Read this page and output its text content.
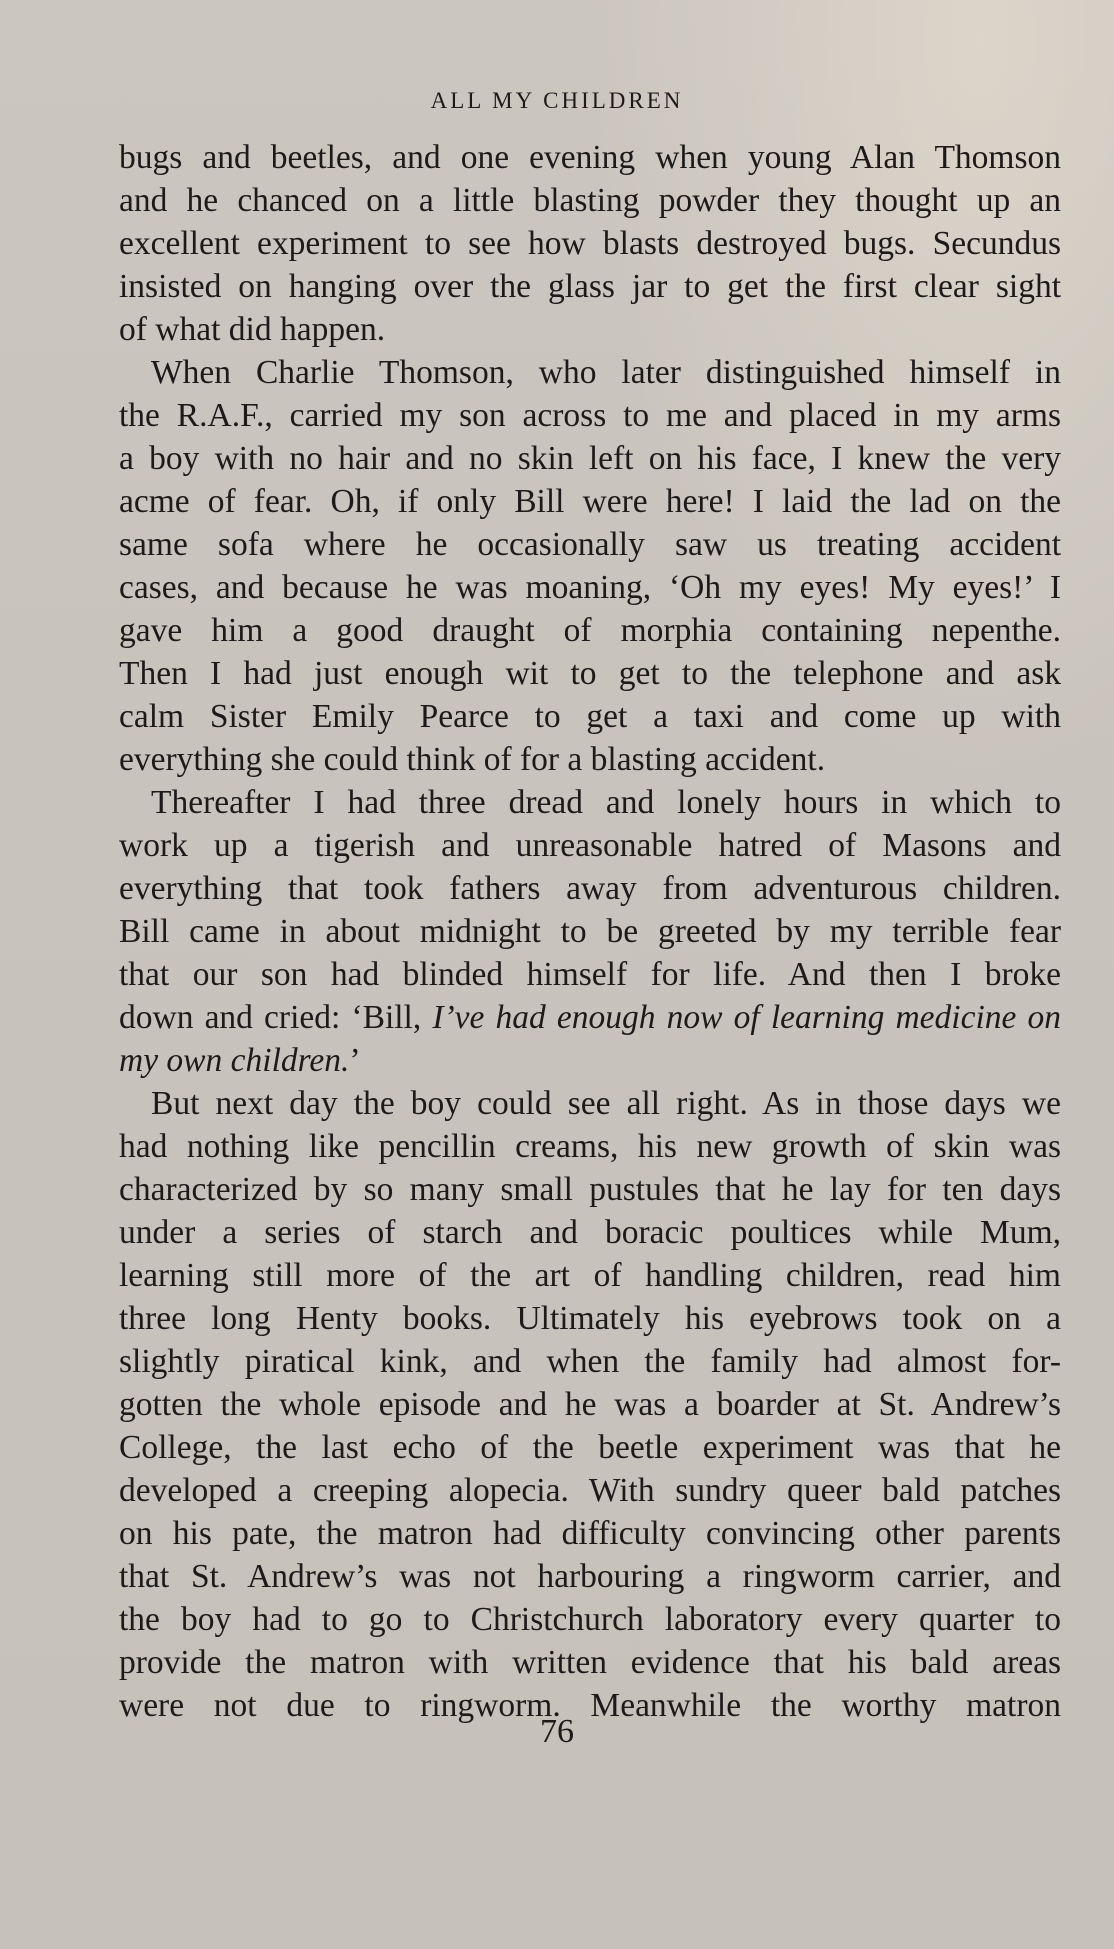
ALL MY CHILDREN
bugs and beetles, and one evening when young Alan Thomson
and he chanced on a little blasting powder they thought up an
excellent experiment to see how blasts destroyed bugs. Secundus
insisted on hanging over the glass jar to get the first clear sight
of what did happen.
When Charlie Thomson, who later distinguished himself in
the R.A.F., carried my son across to me and placed in my arms
a boy with no hair and no skin left on his face, I knew the very
acme of fear. Oh, if only Bill were here! I laid the lad on the
same sofa where he occasionally saw us treating accident
cases, and because he was moaning, ‘Oh my eyes! My eyes!’ I
gave him a good draught of morphia containing nepenthe.
Then I had just enough wit to get to the telephone and ask
calm Sister Emily Pearce to get a taxi and come up with
everything she could think of for a blasting accident.
Thereafter I had three dread and lonely hours in which to
work up a tigerish and unreasonable hatred of Masons and
everything that took fathers away from adventurous children.
Bill came in about midnight to be greeted by my terrible fear
that our son had blinded himself for life. And then I broke
down and cried: ‘Bill, I’ve had enough now of learning medicine on
my own children.’
But next day the boy could see all right. As in those days we
had nothing like pencillin creams, his new growth of skin was
characterized by so many small pustules that he lay for ten days
under a series of starch and boracic poultices while Mum,
learning still more of the art of handling children, read him
three long Henty books. Ultimately his eyebrows took on a
slightly piratical kink, and when the family had almost for-
gotten the whole episode and he was a boarder at St. Andrew’s
College, the last echo of the beetle experiment was that he
developed a creeping alopecia. With sundry queer bald patches
on his pate, the matron had difficulty convincing other parents
that St. Andrew’s was not harbouring a ringworm carrier, and
the boy had to go to Christchurch laboratory every quarter to
provide the matron with written evidence that his bald areas
were not due to ringworm. Meanwhile the worthy matron
76
